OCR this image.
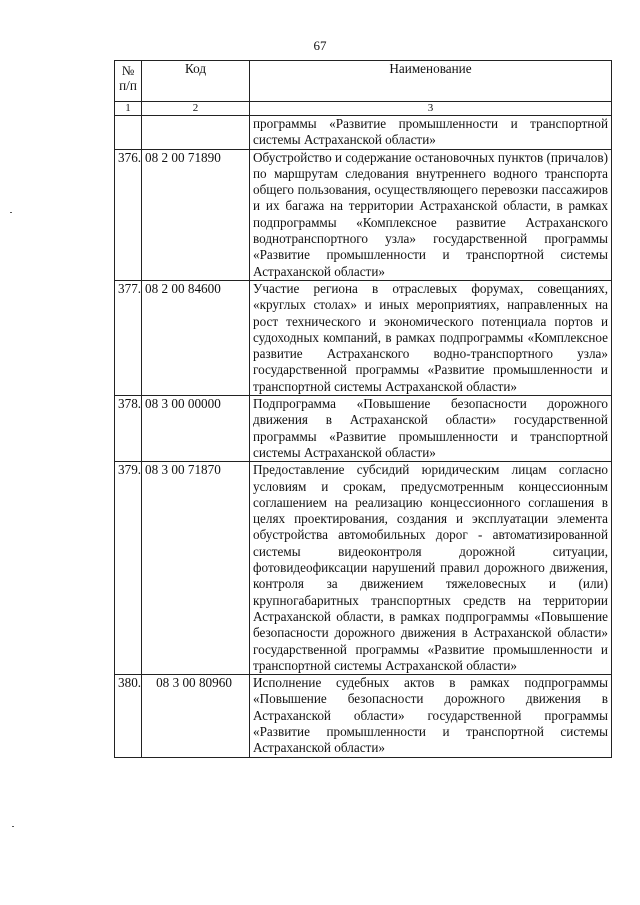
67
№
п/п	Код	Наименование
1	2	3
		программы «Развитие промышленности и транспортной системы Астраханской области»
376.	08 2 00 71890	Обустройство и содержание остановочных пунктов (причалов) по маршрутам следования внутреннего водного транспорта общего пользования, осуществляющего перевозки пассажиров и их багажа на территории Астраханской области, в рамках подпрограммы «Комплексное развитие Астраханского воднотранспортного узла» государственной программы «Развитие промышленности и транспортной системы Астраханской области»
377.	08 2 00 84600	Участие региона в отраслевых форумах, совещаниях, «круглых столах» и иных мероприятиях, направленных на рост технического и экономического потенциала портов и судоходных компаний, в рамках подпрограммы «Комплексное развитие Астраханского водно-транспортного узла» государственной программы «Развитие промышленности и транспортной системы Астраханской области»
378.	08 3 00 00000	Подпрограмма «Повышение безопасности дорожного движения в Астраханской области» государственной программы «Развитие промышленности и транспортной системы Астраханской области»
379.	08 3 00 71870	Предоставление субсидий юридическим лицам согласно условиям и срокам, предусмотренным концессионным соглашением на реализацию концессионного соглашения в целях проектирования, создания и эксплуатации элемента обустройства автомобильных дорог - автоматизированной системы видеоконтроля дорожной ситуации, фотовидеофиксации нарушений правил дорожного движения, контроля за движением тяжеловесных и (или) крупногабаритных транспортных средств на территории Астраханской области, в рамках подпрограммы «Повышение безопасности дорожного движения в Астраханской области» государственной программы «Развитие промышленности и транспортной системы Астраханской области»
380.	08 3 00 80960	Исполнение судебных актов в рамках подпрограммы «Повышение безопасности дорожного движения в Астраханской области» государственной программы «Развитие промышленности и транспортной системы Астраханской области»
